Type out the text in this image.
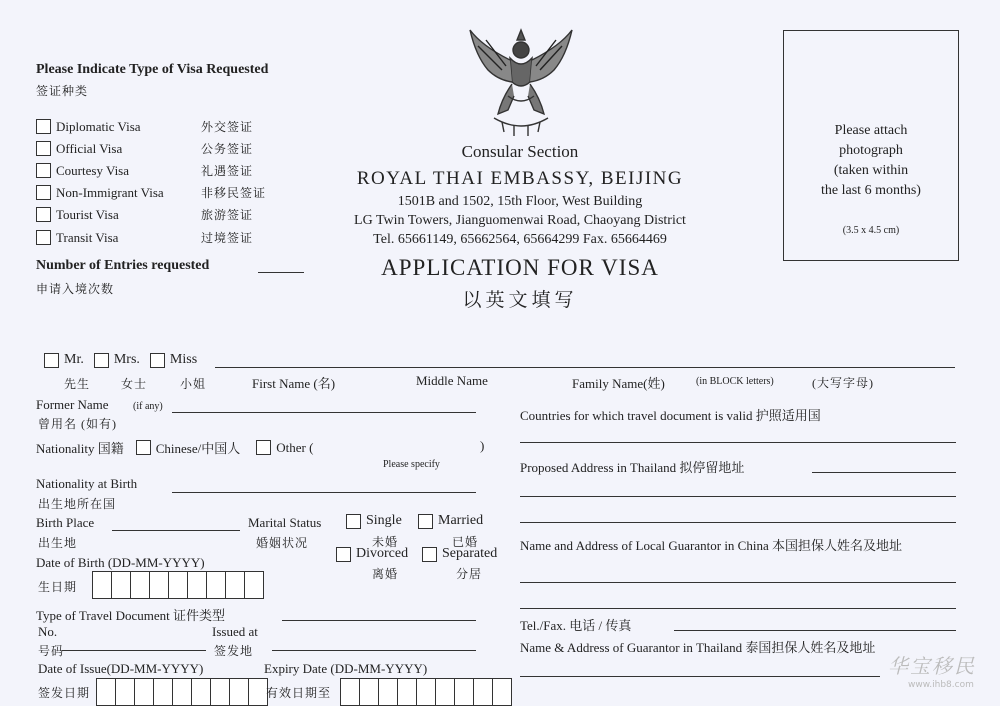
Please Indicate Type of Visa Requested
签证种类
Diplomatic Visa	外交签证
Official Visa	公务签证
Courtesy Visa	礼遇签证
Non-Immigrant Visa	非移民签证
Tourist Visa	旅游签证
Transit Visa	过境签证
Number of Entries requested
申请入境次数
Consular Section
ROYAL THAI EMBASSY, BEIJING
1501B and 1502, 15th Floor, West Building
LG Twin Towers, Jianguomenwai Road, Chaoyang District
Tel. 65661149, 65662564, 65664299 Fax. 65664469
APPLICATION FOR VISA
以英文填写
Please attach
photograph
(taken within
the last 6 months)
(3.5 x 4.5 cm)
Mr. Mrs. Miss
先生	女士	小姐	First Name (名)	Middle Name	Family Name(姓)	(in BLOCK letters)	(大写字母)
Former Name (if any)
曾用名 (如有)
Nationality 国籍 Chinese/中国人	Other (	)
Please specify
Nationality at Birth
出生地所在国
Birth Place
出生地
Marital Status
婚姻状况
Single	Married
未婚	已婚
Divorced Separated
离婚	分居
Date of Birth (DD-MM-YYYY)
生日期
Type of Travel Document 证件类型
No.
号码
Issued at
签发地
Date of Issue(DD-MM-YYYY)
签发日期
Expiry Date (DD-MM-YYYY)
有效日期至
Countries for which travel document is valid 护照适用国
Proposed Address in Thailand 拟停留地址
Name and Address of Local Guarantor in China 本国担保人姓名及地址
Tel./Fax. 电话 / 传真
Name & Address of Guarantor in Thailand 泰国担保人姓名及地址
华宝移民
www.ihb8.com
